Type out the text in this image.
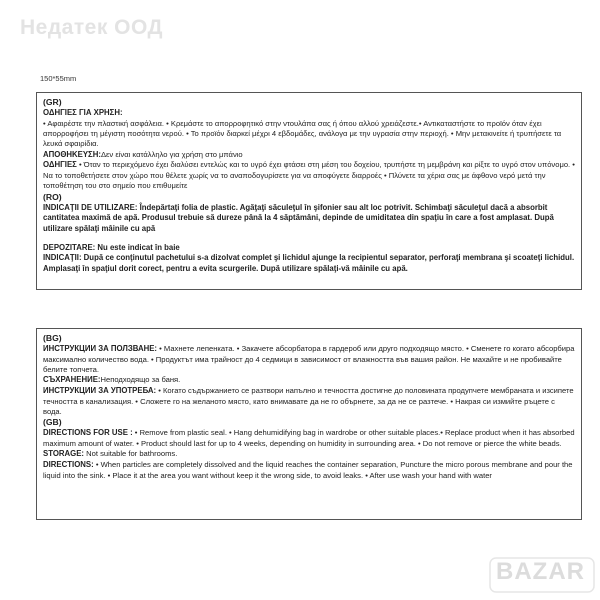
Недатек ООД
150*55mm

(GR)

ΟΔΗΓΙΕΣ ΓΙΑ ΧΡΗΣΗ:
• Αφαιρέστε την πλαστική ασφάλεια. • Κρεμάστε το απορροφητικό στην ντουλάπα σας ή όπου αλλού χρειάζεστε.• Αντικαταστήστε το προϊόν όταν έχει απορροφήσει τη μέγιστη ποσότητα νερού. • Το προϊόν διαρκεί μέχρι 4 εβδομάδες, ανάλογα με την υγρασία στην περιοχή. • Μην μετακινείτε ή τρυπήσετε τα λευκά σφαιρίδια.

ΑΠΟΘΗΚΕΥΣΗ:Δεν είναι κατάλληλο για χρήση στο μπάνιο

ΟΔΗΓΙΕΣ • Όταν το περιεχόμενο έχει διαλύσει εντελώς και το υγρό έχει φτάσει στη μέση του δοχείου, τρυπήστε τη μεμβράνη και ρίξτε το υγρό στον υπόνομο. • Να το τοποθετήσετε στον χώρο που θέλετε χωρίς να το αναποδογυρίσετε για να αποφύγετε διαρροές • Πλύνετε τα χέρια σας με άφθονο νερό μετά την τοποθέτηση του στο σημείο που επιθυμείτε

(RO)

INDICAŢII DE UTILIZARE: Îndepărtaţi folia de plastic. Agăţaţi săculeţul în şifonier sau alt loc potrivit. Schimbaţi săculeţul dacă a absorbit cantitatea maximă de apă. Produsul trebuie să dureze până la 4 săptămâni, depinde de umiditatea din spaţiu în care a fost amplasat. După utilizare spălaţi mâinile cu apă

DEPOZITARE: Nu este indicat în baie

INDICAŢII: După ce conţinutul pachetului s-a dizolvat complet şi lichidul ajunge la recipientul separator, perforaţi membrana şi scoateţi lichidul. Amplasaţi în spaţiul dorit corect, pentru a evita scurgerile. După utilizare spălaţi-vă mâinile cu apă.

(BG)

ИНСТРУКЦИИ ЗА ПОЛЗВАНЕ: • Махнете лепенката. • Закачете абсорбатора в гардероб или друго подходящо място. • Сменете го когато абсорбира максимално количество вода. • Продуктът има трайност до 4 седмици в зависимост от влажността във вашия район. Не махайте и не пробивайте белите топчета.

СЪХРАНЕНИЕ:Неподходящо за баня.

ИНСТРУКЦИИ ЗА УПОТРЕБА: • Когато съдържанието се разтвори напълно и течността достигне до половината продупчете мембраната и изсипете течността в канализация. • Сложете го на желаното място, като внимавате да не го обърнете, за да не се разтече. • Накрая си измийте ръцете с вода.

(GB)

DIRECTIONS FOR USE : • Remove from plastic seal. • Hang dehumidifying bag in wardrobe or other suitable places.• Replace product when it has absorbed maximum amount of water. • Product should last for up to 4 weeks, depending on humidity in surrounding area. • Do not remove or pierce the white beads.

STORAGE: Not suitable for bathrooms.

DIRECTIONS: • When particles are completely dissolved and the liquid reaches the container separation, Puncture the micro porous membrane and pour the liquid into the sink. • Place it at the area you want without keep it the wrong side, to avoid leaks. • After use wash your hand with water

BAZAR
